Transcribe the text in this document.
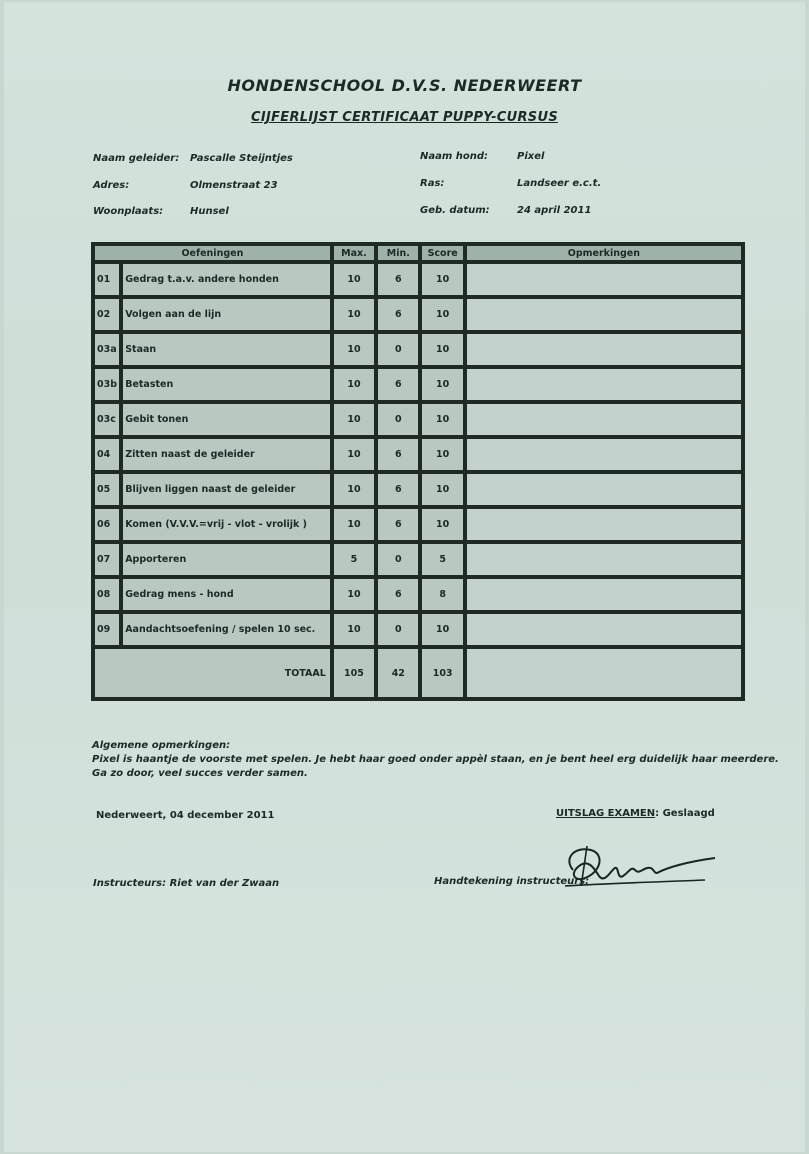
HONDENSCHOOL D.V.S. NEDERWEERT
CIJFERLIJST CERTIFICAAT PUPPY-CURSUS
Naam geleider: Pascalle Steijntjes
Adres:	Olmenstraat 23
Woonplaats:	Hunsel
Naam hond:	Pixel
Ras:	Landseer e.c.t.
Geb. datum:	24 april 2011
Oefeningen		Max.	Min.	Score	Opmerkingen
01	Gedrag t.a.v. andere honden	10	6	10	
02	Volgen aan de lijn	10	6	10	
03a	Staan	10	0	10	
03b	Betasten	10	6	10	
03c	Gebit tonen	10	0	10	
04	Zitten naast de geleider	10	6	10	
05	Blijven liggen naast de geleider	10	6	10	
06	Komen (V.V.V.=vrij - vlot - vrolijk )	10	6	10	
07	Apporteren	5	0	5	
08	Gedrag mens - hond	10	6	8	
09	Aandachtsoefening / spelen 10 sec.	10	0	10	
TOTAAL		105	42	103	
Algemene opmerkingen:
Pixel is haantje de voorste met spelen. Je hebt haar goed onder appèl staan, en je bent heel erg duidelijk haar meerdere.
Ga zo door, veel succes verder samen.
Nederweert, 04 december 2011	UITSLAG EXAMEN: Geslaagd
Instructeurs: Riet van der Zwaan	Handtekening instructeurs:
